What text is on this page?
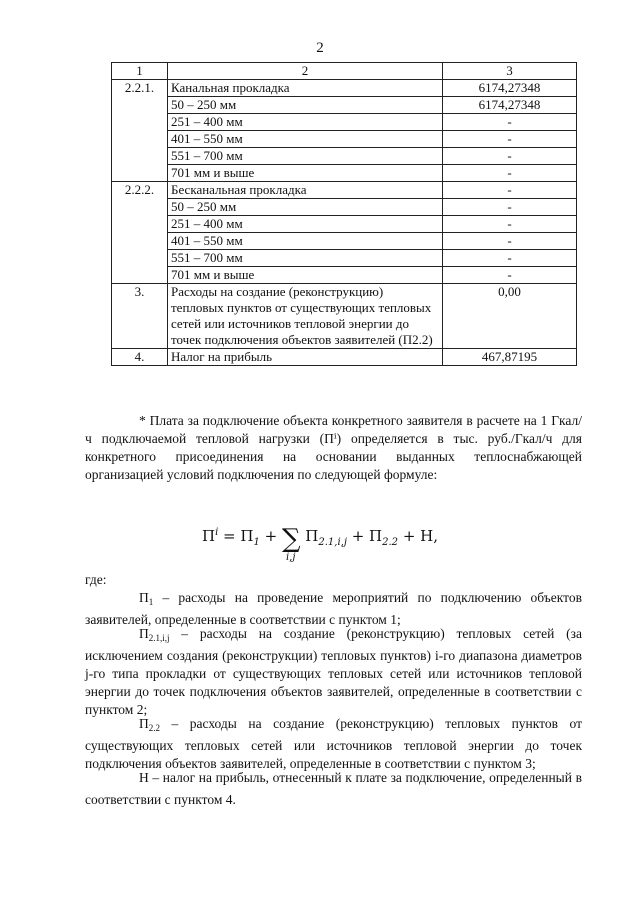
2
1	2	3
2.2.1.	Канальная прокладка	6174,27348
	50 – 250 мм	6174,27348
	251 – 400 мм	-
	401 – 550 мм	-
	551 – 700 мм	-
	701 мм и выше	-
2.2.2.	Бесканальная прокладка	-
	50 – 250 мм	-
	251 – 400 мм	-
	401 – 550 мм	-
	551 – 700 мм	-
	701 мм и выше	-
3.	Расходы на создание (реконструкцию) тепловых пунктов от существующих тепловых сетей или источников тепловой энергии до точек подключения объектов заявителей (П2.2)	0,00
4.	Налог на прибыль	467,87195

* Плата за подключение объекта конкретного заявителя в расчете на 1 Гкал/ч подключаемой тепловой нагрузки (Пⁱ) определяется в тыс. руб./Гкал/ч для конкретного присоединения на основании выданных теплоснабжающей организацией условий подключения по следующей формуле:

$П^i = П_1$ + ∑
i,j
$П_{2.1,i,j} + П_{2.2} + Н$,

где:

$П_1$ – расходы на проведение мероприятий по подключению объектов заявителей, определенные в соответствии с пунктом 1;

$П_{2.1,i,j}$ – расходы на создание (реконструкцию) тепловых сетей (за исключением создания (реконструкции) тепловых пунктов) i-го диапазона диаметров j-го типа прокладки от существующих тепловых сетей или источников тепловой энергии до точек подключения объектов заявителей, определенные в соответствии с пунктом 2;

$П_{2.2}$ – расходы на создание (реконструкцию) тепловых пунктов от существующих тепловых сетей или источников тепловой энергии до точек подключения объектов заявителей, определенные в соответствии с пунктом 3;

Н – налог на прибыль, отнесенный к плате за подключение, определенный в соответствии с пунктом 4.
